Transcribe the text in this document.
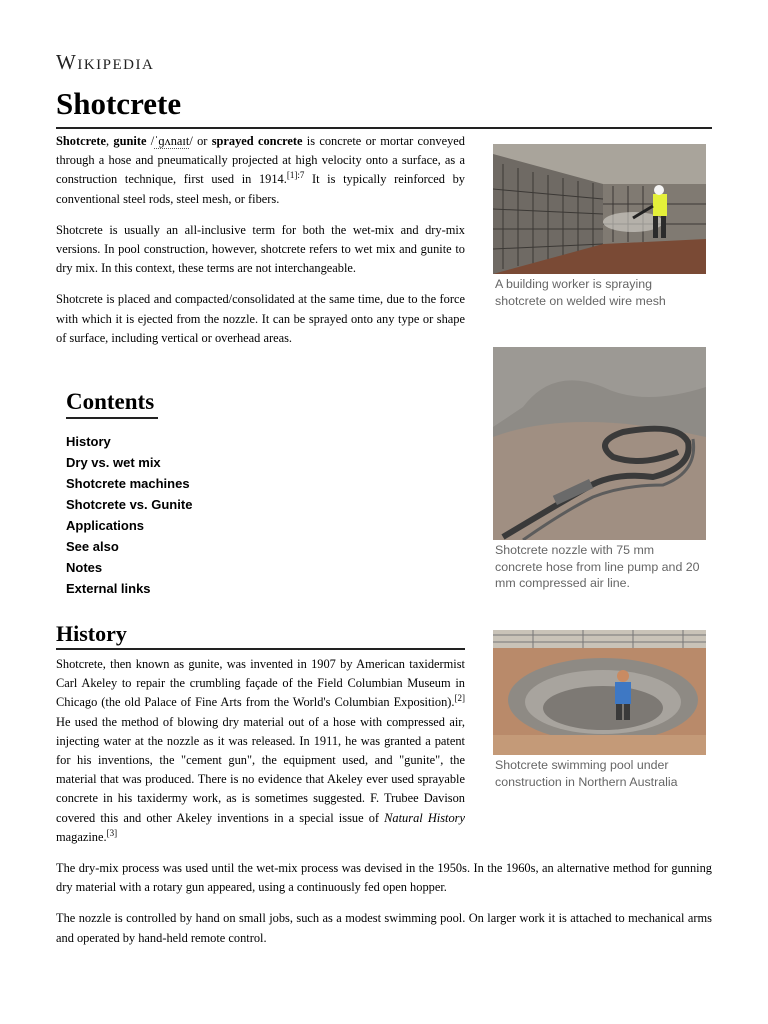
Wikipedia
Shotcrete

Shotcrete, gunite /ˈɡʌnaɪt/ or sprayed concrete is concrete or mortar conveyed through a hose and pneumatically projected at high velocity onto a surface, as a construction technique, first used in 1914.$^{[1]:7}$ It is typically reinforced by conventional steel rods, steel mesh, or fibers.

Shotcrete is usually an all-inclusive term for both the wet-mix and dry-mix versions. In pool construction, however, shotcrete refers to wet mix and gunite to dry mix. In this context, these terms are not interchangeable.

Shotcrete is placed and compacted/consolidated at the same time, due to the force with which it is ejected from the nozzle. It can be sprayed onto any type or shape of surface, including vertical or overhead areas.

Contents
History
Dry vs. wet mix
Shotcrete machines
Shotcrete vs. Gunite
Applications
See also
Notes
External links
History

Shotcrete, then known as gunite, was invented in 1907 by American taxidermist Carl Akeley to repair the crumbling façade of the Field Columbian Museum in Chicago (the old Palace of Fine Arts from the World's Columbian Exposition).[2] He used the method of blowing dry material out of a hose with compressed air, injecting water at the nozzle as it was released. In 1911, he was granted a patent for his inventions, the "cement gun", the equipment used, and "gunite", the material that was produced. There is no evidence that Akeley ever used sprayable concrete in his taxidermy work, as is sometimes suggested. F. Trubee Davison covered this and other Akeley inventions in a special issue of Natural History magazine.[3]

The dry-mix process was used until the wet-mix process was devised in the 1950s. In the 1960s, an alternative method for gunning dry material with a rotary gun appeared, using a continuously fed open hopper.

The nozzle is controlled by hand on small jobs, such as a modest swimming pool. On larger work it is attached to mechanical arms and operated by hand-held remote control.

A building worker is spraying shotcrete on welded wire mesh
Shotcrete nozzle with 75 mm concrete hose from line pump and 20 mm compressed air line.
Shotcrete swimming pool under construction in Northern Australia
